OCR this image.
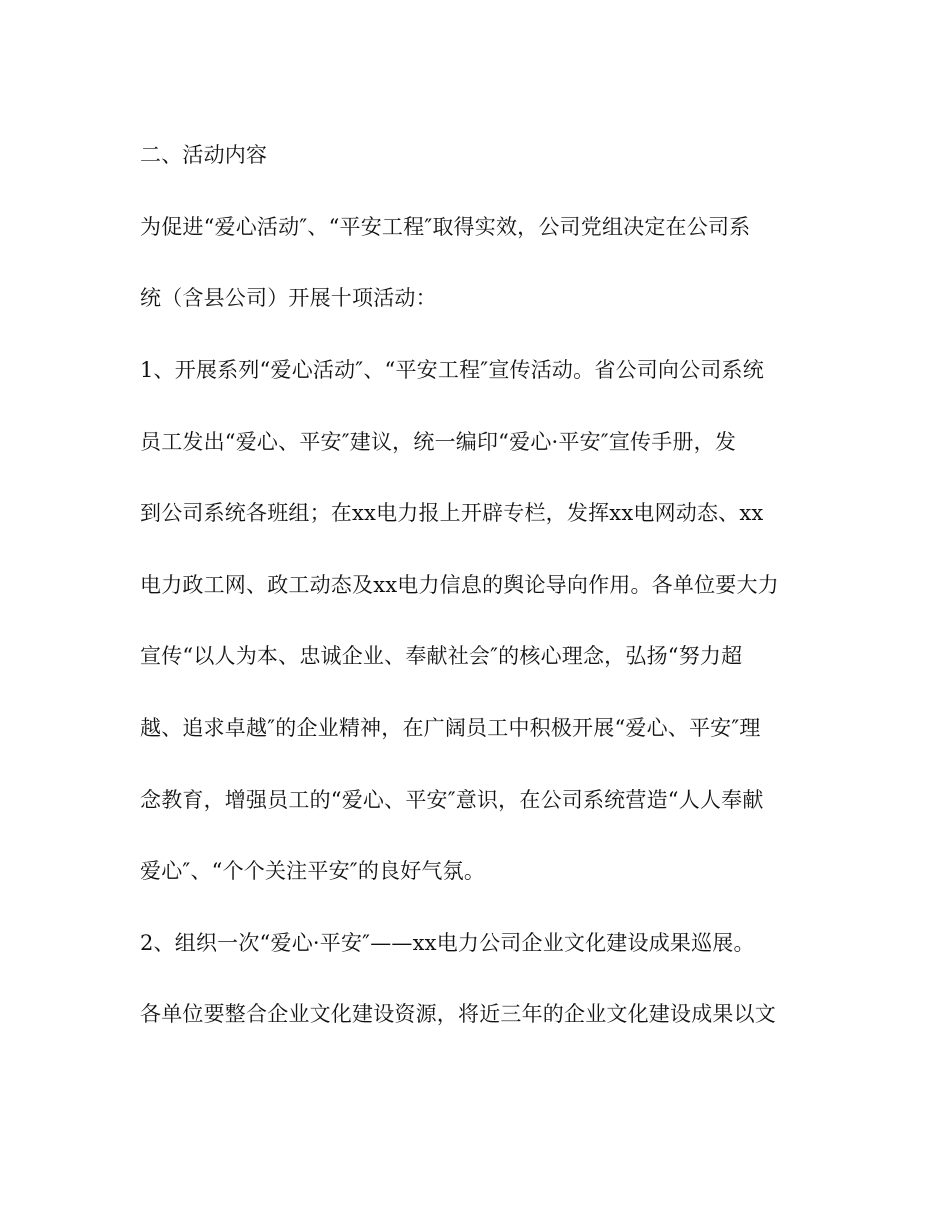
二、活动内容
为促进“爱心活动″、“平安工程″取得实效，公司党组决定在公司系
统（含县公司）开展十项活动：
1、开展系列“爱心活动″、“平安工程″宣传活动。省公司向公司系统
员工发出“爱心、平安″建议，统一编印“爱心·平安″宣传手册，发
到公司系统各班组；在xx电力报上开辟专栏，发挥xx电网动态、xx
电力政工网、政工动态及xx电力信息的舆论导向作用。各单位要大力
宣传“以人为本、忠诚企业、奉献社会″的核心理念，弘扬“努力超
越、追求卓越″的企业精神，在广阔员工中积极开展“爱心、平安″理
念教育，增强员工的“爱心、平安″意识，在公司系统营造“人人奉献
爱心″、“个个关注平安″的良好气氛。
2、组织一次“爱心·平安″——xx电力公司企业文化建设成果巡展。
各单位要整合企业文化建设资源，将近三年的企业文化建设成果以文
